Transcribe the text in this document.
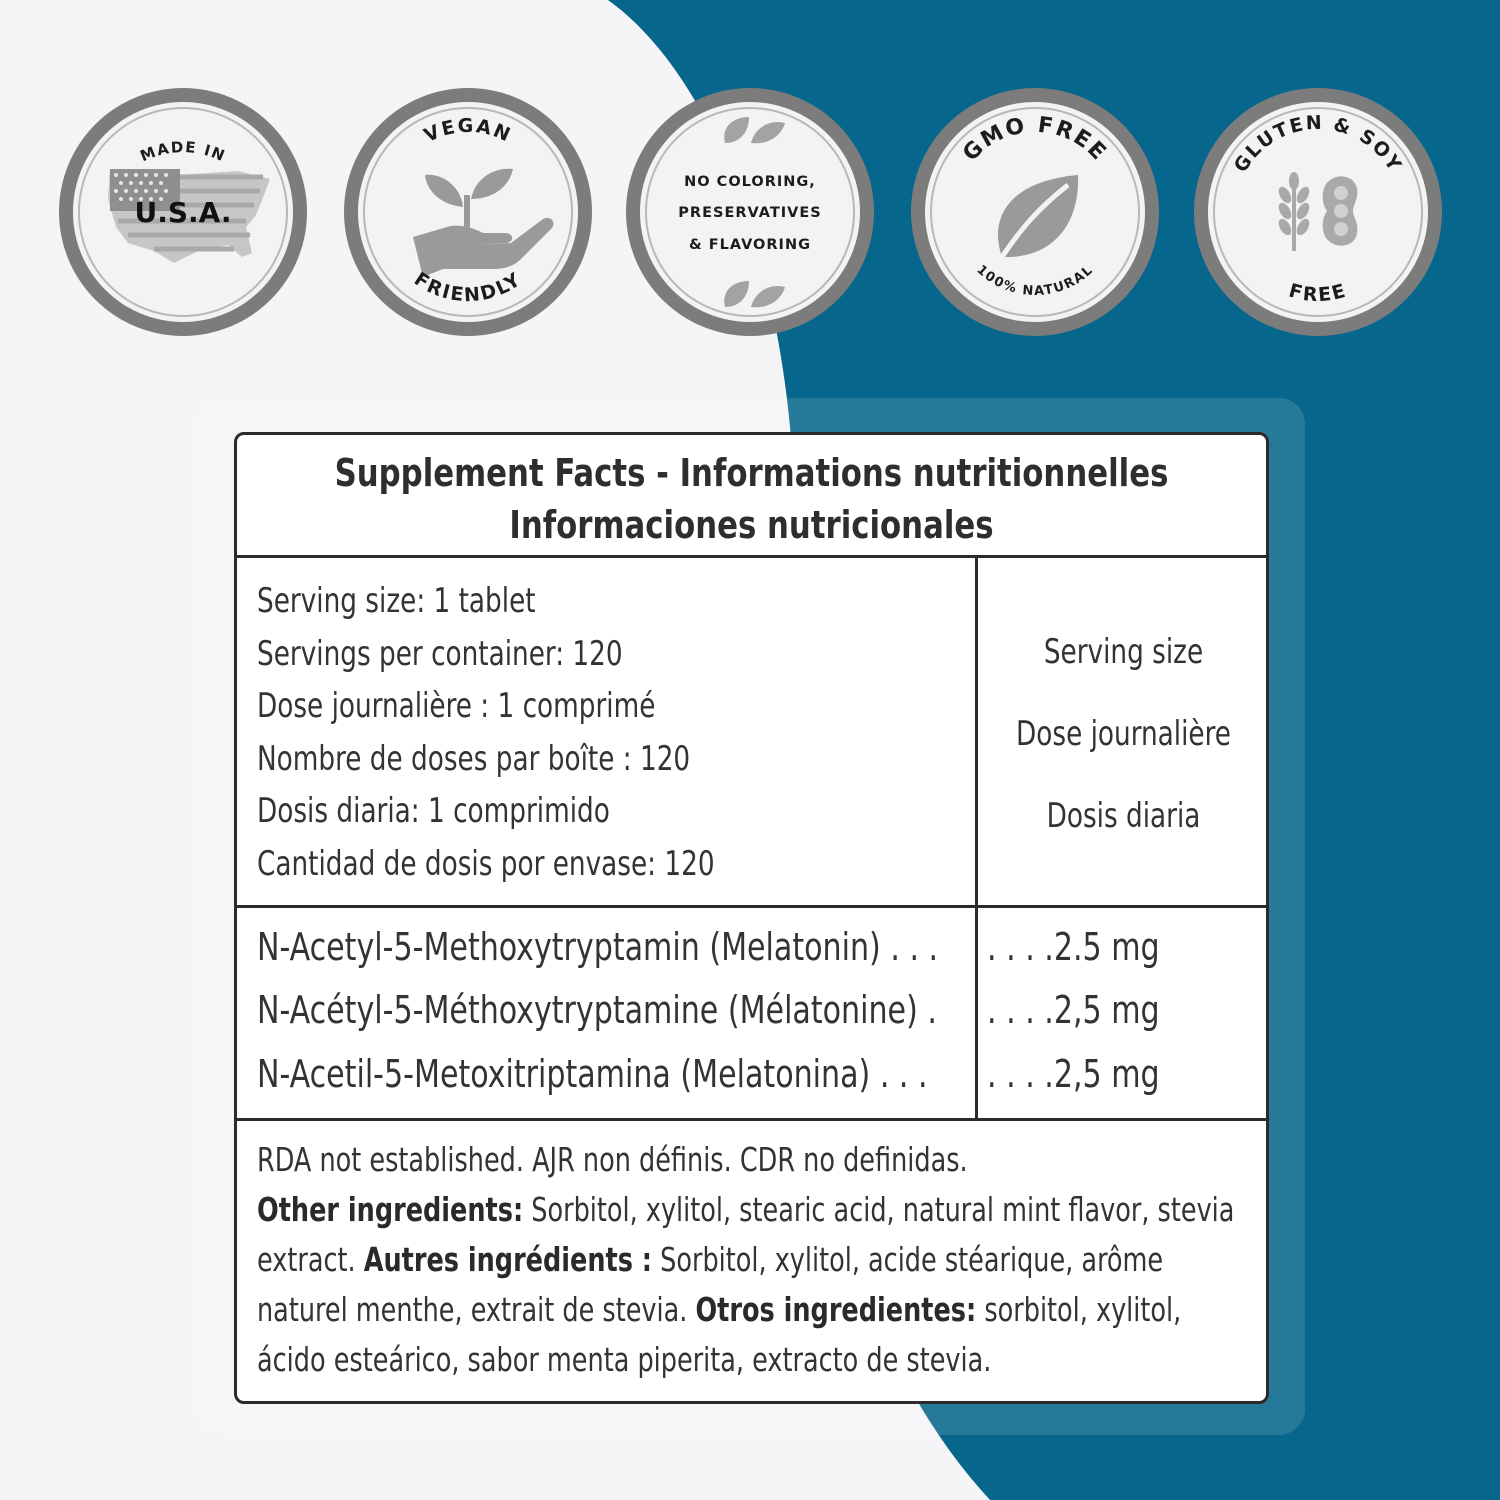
MADE IN
U.S.A.
VEGAN
FRIENDLY
NO COLORING,
PRESERVATIVES
& FLAVORING
GMO FREE
100% NATURAL
GLUTEN & SOY
FREE
Supplement Facts - Informations nutritionnelles
Informaciones nutricionales
Serving size: 1 tablet
Servings per container: 120
Dose journalière : 1 comprimé
Nombre de doses par boîte : 120
Dosis diaria: 1 comprimido
Cantidad de dosis por envase: 120
Serving size
Dose journalière
Dosis diaria
N-Acetyl-5-Methoxytryptamin (Melatonin) . . . . . . .2.5 mg
N-Acétyl-5-Méthoxytryptamine (Mélatonine) . . . . .2,5 mg
N-Acetil-5-Metoxitriptamina (Melatonina) . . . . . . .2,5 mg
RDA not established. AJR non définis. CDR no definidas.
Other ingredients: Sorbitol, xylitol, stearic acid, natural mint flavor, stevia extract. Autres ingrédients : Sorbitol, xylitol, acide stéarique, arôme naturel menthe, extrait de stevia. Otros ingredientes: sorbitol, xylitol, ácido esteárico, sabor menta piperita, extracto de stevia.
